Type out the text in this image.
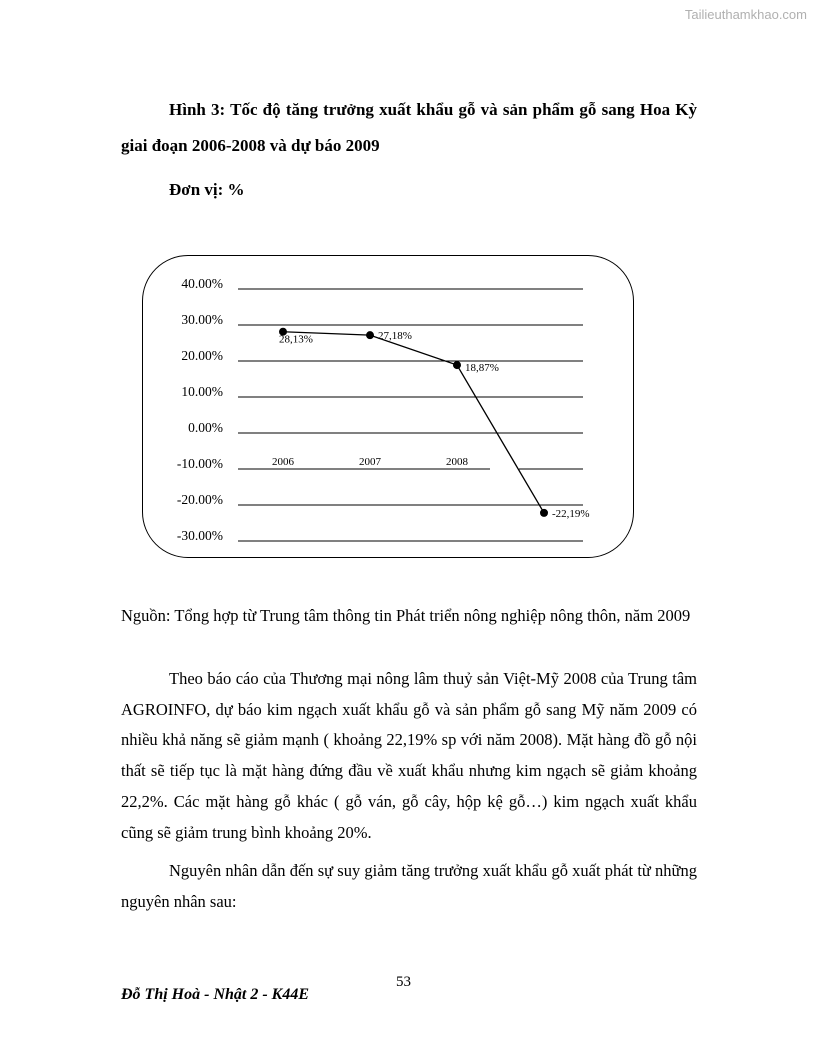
Tailieuthamkhao.com
Hình 3: Tốc độ tăng trưởng xuất khẩu gỗ và sản phẩm gỗ sang Hoa Kỳ giai đoạn 2006-2008 và dự báo 2009
Đơn vị: %
40.00%
30.00%
20.00%
10.00%
0.00%
-10.00%
-20.00%
-30.00%
2006	2007	2008
28,13%	27,18%
18,87%
-22,19%
Nguồn: Tổng hợp từ Trung tâm thông tin Phát triển nông nghiệp nông thôn, năm 2009

Theo báo cáo của Thương mại nông lâm thuỷ sản Việt-Mỹ 2008 của Trung tâm AGROINFO, dự báo kim ngạch xuất khẩu gỗ và sản phẩm gỗ sang Mỹ năm 2009 có nhiều khả năng sẽ giảm mạnh ( khoảng 22,19% sp với năm 2008). Mặt hàng đồ gỗ nội thất sẽ tiếp tục là mặt hàng đứng đầu về xuất khẩu nhưng kim ngạch sẽ giảm khoảng 22,2%. Các mặt hàng gỗ khác ( gỗ ván, gỗ cây, hộp kệ gỗ…) kim ngạch xuất khẩu cũng sẽ giảm trung bình khoảng 20%.

Nguyên nhân dẫn đến sự suy giảm tăng trưởng xuất khẩu gỗ xuất phát từ những nguyên nhân sau:

53
Đỗ Thị Hoà - Nhật 2 - K44E
